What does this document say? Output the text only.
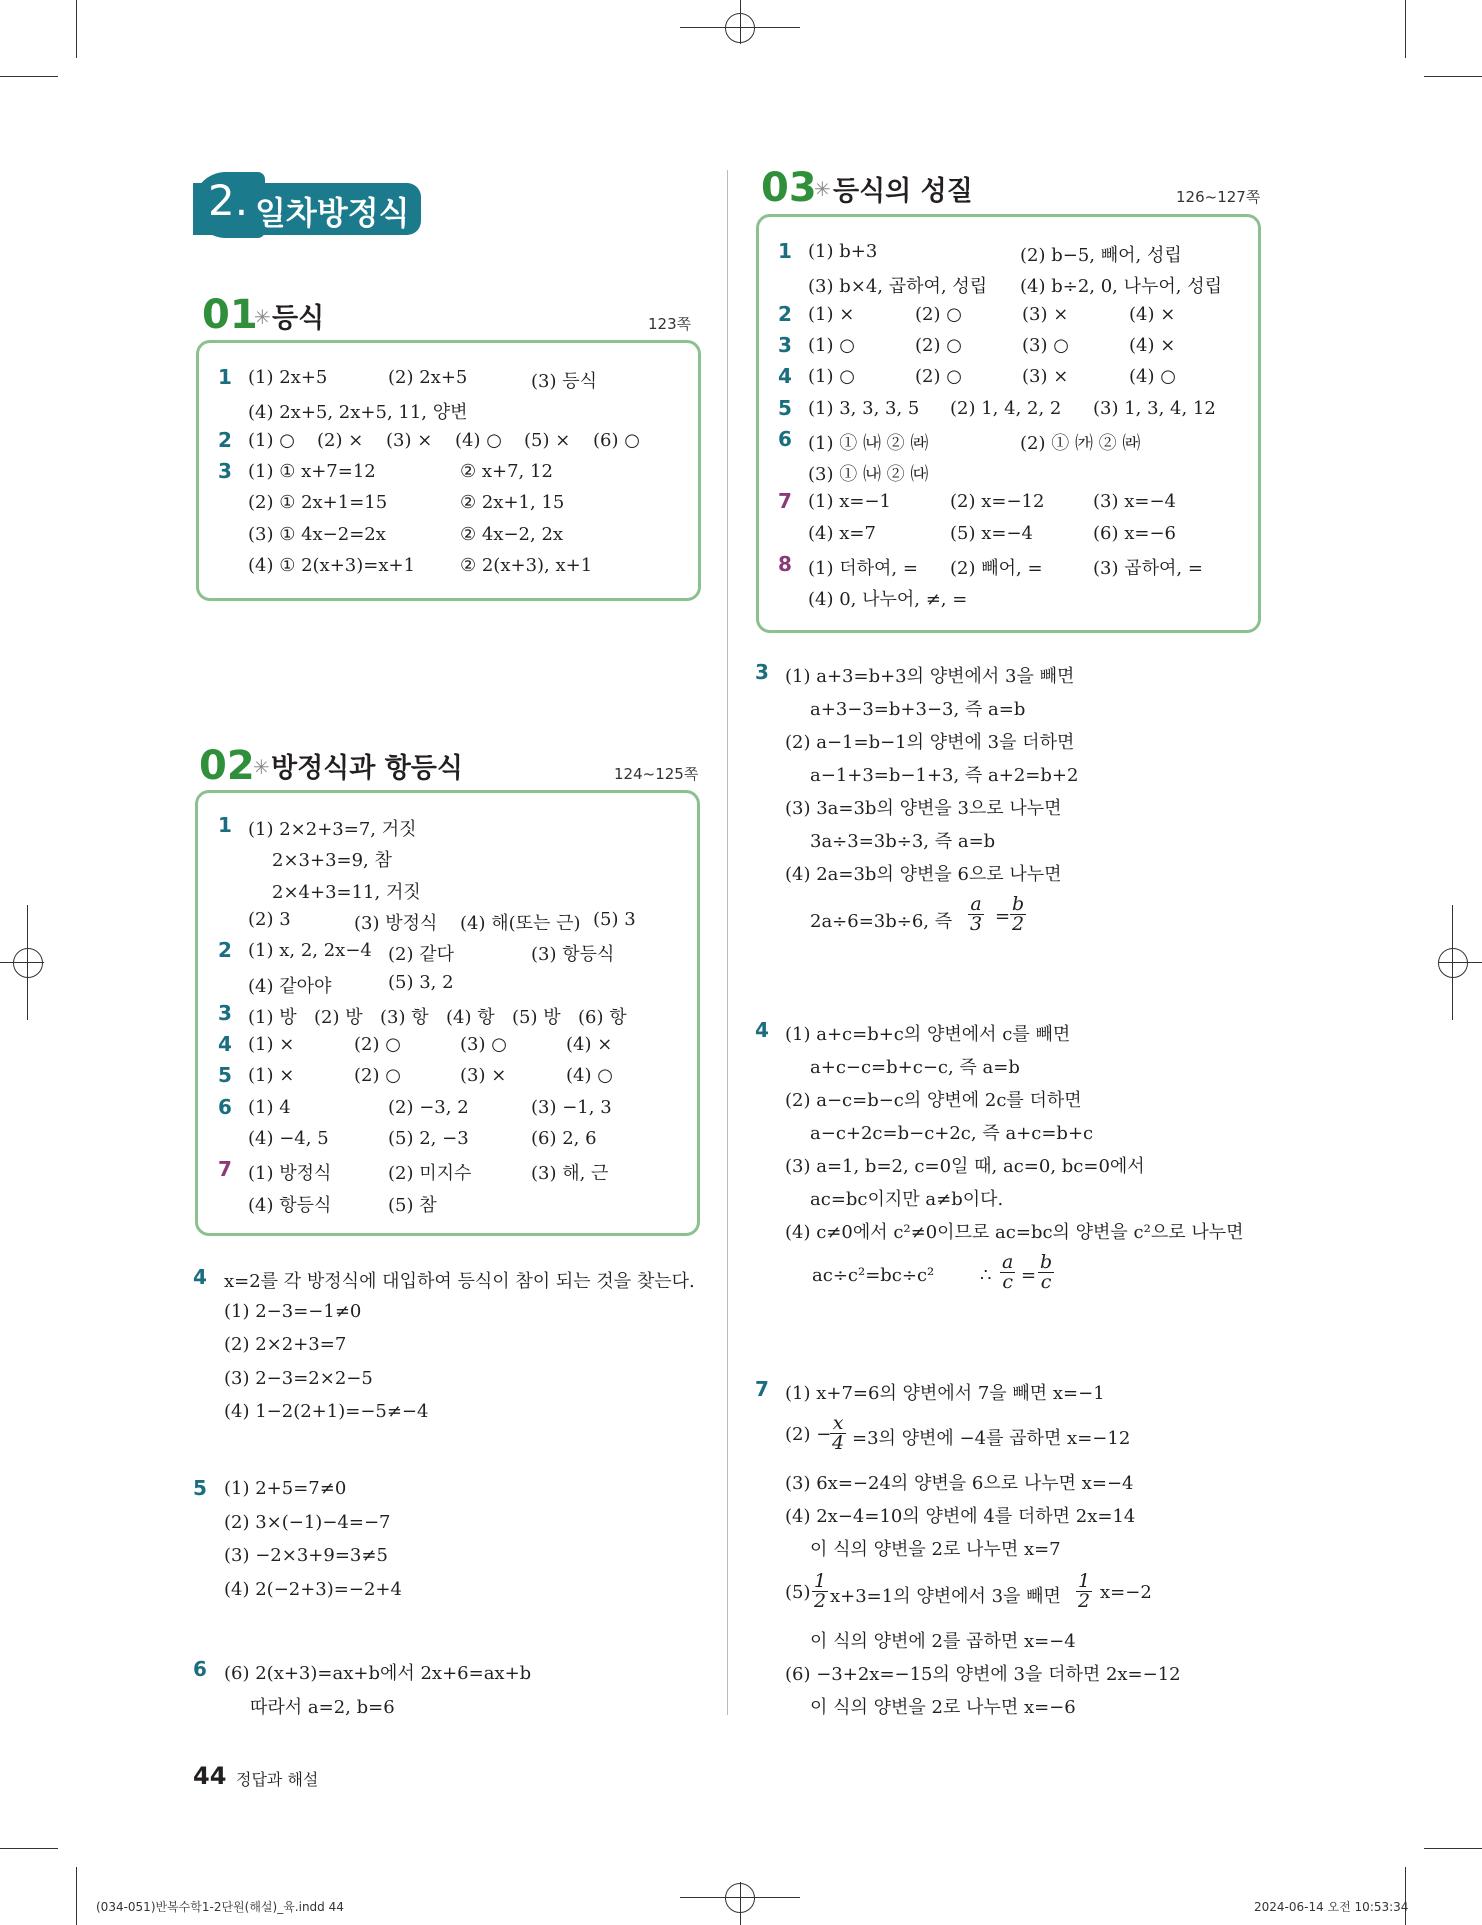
2. 일차방정식
01
✳ 등식	123쪽
1 (1) 2x+5	(2) 2x+5	(3) 등식
(4) 2x+5, 2x+5, 11, 양변
2 (1) ○ (2) × (3) × (4) ○ (5) × (6) ○
3 (1) ① x+7=12	② x+7, 12
(2) ① 2x+1=15	② 2x+1, 15
(3) ① 4x−2=2x	② 4x−2, 2x
(4) ① 2(x+3)=x+1 ② 2(x+3), x+1
02
✳ 방정식과 항등식	124~125쪽
1 (1) 2×2+3=7, 거짓
2×3+3=9, 참
2×4+3=11, 거짓
(2) 3	(3) 방정식 (4) 해(또는 근) (5) 3
2 (1) x, 2, 2x−4 (2) 같다	(3) 항등식
(4) 같아야	(5) 3, 2
3 (1) 방 (2) 방 (3) 항 (4) 항 (5) 방 (6) 항
4 (1) ×	(2) ○	(3) ○	(4) ×
5 (1) ×	(2) ○	(3) ×	(4) ○
6 (1) 4	(2) −3, 2	(3) −1, 3
(4) −4, 5	(5) 2, −3	(6) 2, 6
7 (1) 방정식	(2) 미지수	(3) 해, 근
(4) 항등식	(5) 참
03
✳ 등식의 성질	126~127쪽
1 (1) b+3	(2) b−5, 빼어, 성립
(3) b×4, 곱하여, 성립 (4) b÷2, 0, 나누어, 성립
2 (1) ×	(2) ○	(3) ×	(4) ×
3 (1) ○	(2) ○	(3) ○	(4) ×
4 (1) ○	(2) ○	(3) ×	(4) ○
5 (1) 3, 3, 3, 5 (2) 1, 4, 2, 2 (3) 1, 3, 4, 12
6 (1) ① ㈏ ② ㈑	(2) ① ㈎ ② ㈑
(3) ① ㈏ ② ㈐
7 (1) x=−1	(2) x=−12	(3) x=−4
(4) x=7	(5) x=−4	(6) x=−6
8 (1) 더하여, = (2) 빼어, =	(3) 곱하여, =
(4) 0, 나누어, ≠, =
4 x=2를 각 방정식에 대입하여 등식이 참이 되는 것을 찾는다.
(1) 2−3=−1≠0
(2) 2×2+3=7
(3) 2−3=2×2−5
(4) 1−2(2+1)=−5≠−4
5 (1) 2+5=7≠0
(2) 3×(−1)−4=−7
(3) −2×3+9=3≠5
(4) 2(−2+3)=−2+4
6 (6) 2(x+3)=ax+b에서 2x+6=ax+b
따라서 a=2, b=6
3 (1) a+3=b+3의 양변에서 3을 빼면
a+3−3=b+3−3, 즉 a=b
(2) a−1=b−1의 양변에 3을 더하면
a−1+3=b−1+3, 즉 a+2=b+2
(3) 3a=3b의 양변을 3으로 나누면
3a÷3=3b÷3, 즉 a=b
(4) 2a=3b의 양변을 6으로 나누면
2a÷6=3b÷6, 즉 $\frac{a}{3} = \frac{b}{2}$
4 (1) a+c=b+c의 양변에서 c를 빼면
a+c−c=b+c−c, 즉 a=b
(2) a−c=b−c의 양변에 2c를 더하면
a−c+2c=b−c+2c, 즉 a+c=b+c
(3) a=1, b=2, c=0일 때, ac=0, bc=0에서
ac=bc이지만 a≠b이다.
(4) c≠0에서 c²≠0이므로 ac=bc의 양변을 c²으로 나누면
ac÷c²=bc÷c²	∴ $\frac{a}{c} = \frac{b}{c}$
7 (1) x+7=6의 양변에서 7을 빼면 x=−1
(2) − =3의 양변에 −4를 곱하면 x=−12
(3) 6x=−24의 양변을 6으로 나누면 x=−4
(4) 2x−4=10의 양변에 4를 더하면 2x=14
이 식의 양변을 2로 나누면 x=7
(5) x+3=1의 양변에서 3을 빼면 x=−2
이 식의 양변에 2를 곱하면 x=−4
(6) −3+2x=−15의 양변에 3을 더하면 2x=−12
이 식의 양변을 2로 나누면 x=−6
$\frac{x}{4}$
$\frac{1}{2}$	$\frac{1}{2}$
44 정답과 해설
(034-051)반복수학1-2단원(해설)_육.indd 44	2024-06-14 오전 10:53:34
